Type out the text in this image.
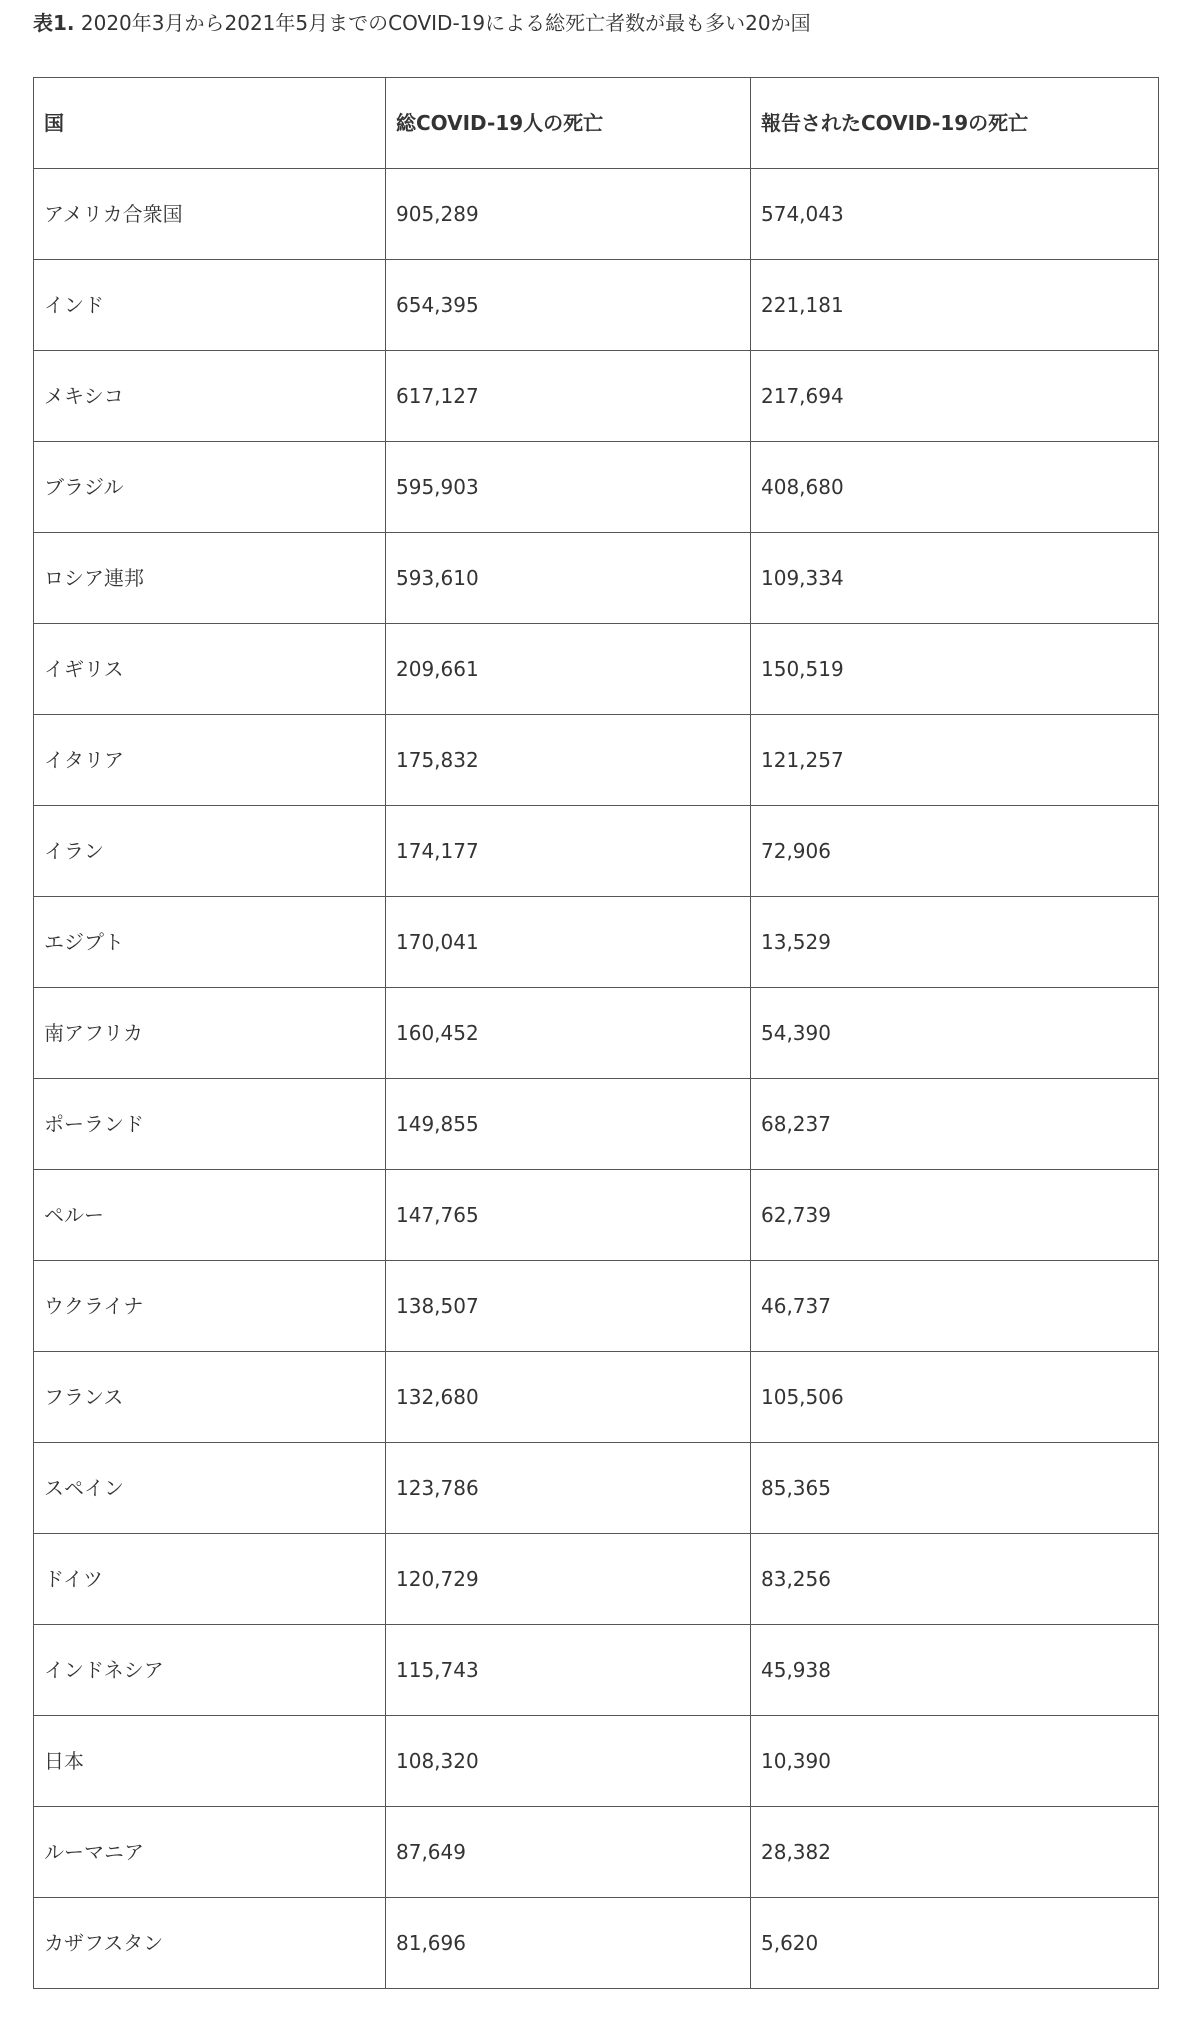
表1. 2020年3月から2021年5月までのCOVID-19による総死亡者数が最も多い20か国
国	総COVID-19人の死亡	報告されたCOVID-19の死亡
アメリカ合衆国	905,289	574,043
インド	654,395	221,181
メキシコ	617,127	217,694
ブラジル	595,903	408,680
ロシア連邦	593,610	109,334
イギリス	209,661	150,519
イタリア	175,832	121,257
イラン	174,177	72,906
エジプト	170,041	13,529
南アフリカ	160,452	54,390
ポーランド	149,855	68,237
ペルー	147,765	62,739
ウクライナ	138,507	46,737
フランス	132,680	105,506
スペイン	123,786	85,365
ドイツ	120,729	83,256
インドネシア	115,743	45,938
日本	108,320	10,390
ルーマニア	87,649	28,382
カザフスタン	81,696	5,620
